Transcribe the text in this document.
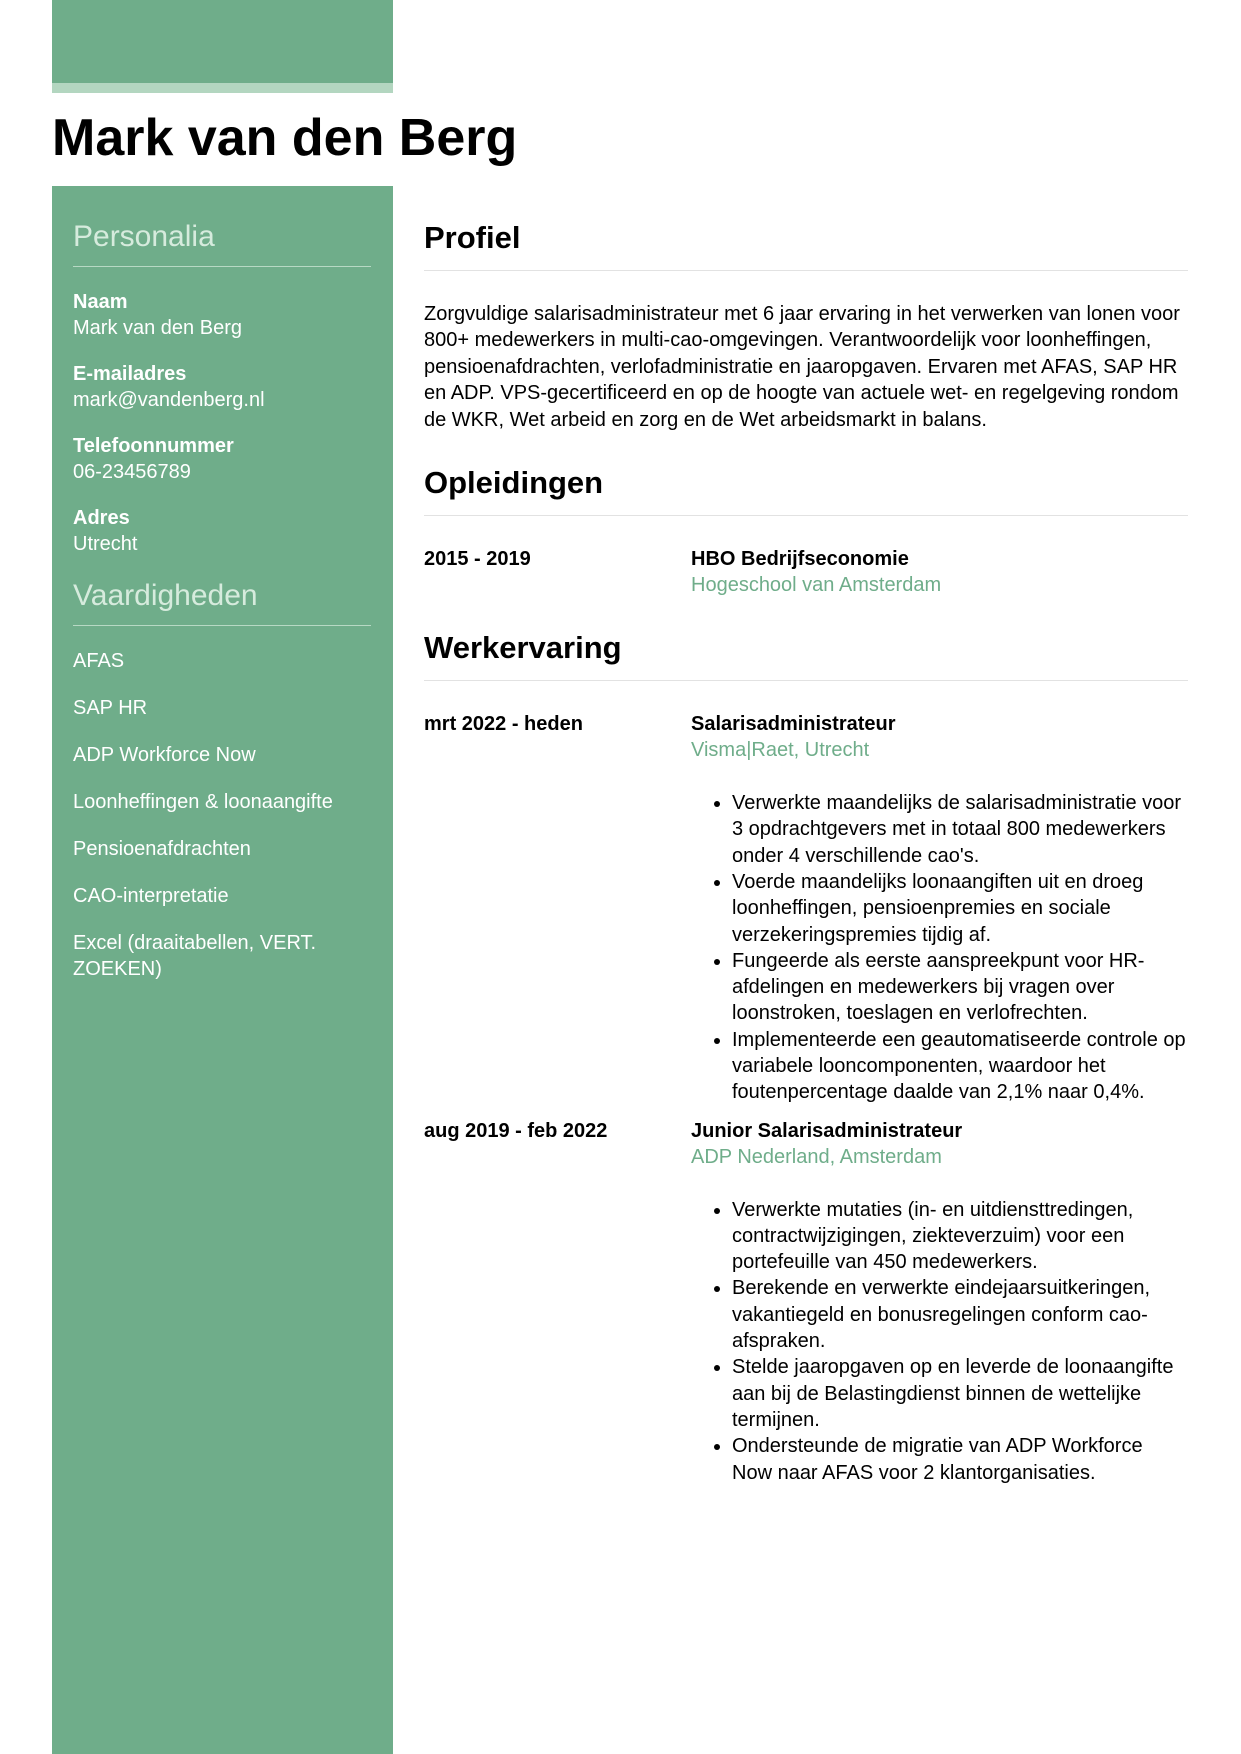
Mark van den Berg
Personalia
Naam
Mark van den Berg
E-mailadres
mark@vandenberg.nl
Telefoonnummer
06-23456789
Adres
Utrecht
Vaardigheden
AFAS
SAP HR
ADP Workforce Now
Loonheffingen & loonaangifte
Pensioenafdrachten
CAO-interpretatie
Excel (draaitabellen, VERT. ZOEKEN)
Profiel

Zorgvuldige salarisadministrateur met 6 jaar ervaring in het verwerken van lonen voor 800+ medewerkers in multi-cao-omgevingen. Verantwoordelijk voor loonheffingen, pensioenafdrachten, verlofadministratie en jaaropgaven. Ervaren met AFAS, SAP HR en ADP. VPS-gecertificeerd en op de hoogte van actuele wet- en regelgeving rondom de WKR, Wet arbeid en zorg en de Wet arbeidsmarkt in balans.

Opleidingen
2015 - 2019	HBO Bedrijfseconomie
Hogeschool van Amsterdam
Werkervaring
mrt 2022 - heden	Salarisadministrateur
Visma|Raet, Utrecht
• Verwerkte maandelijks de salarisadministratie voor 3 opdrachtgevers met in totaal 800 medewerkers onder 4 verschillende cao's.
• Voerde maandelijks loonaangiften uit en droeg loonheffingen, pensioenpremies en sociale verzekeringspremies tijdig af.
• Fungeerde als eerste aanspreekpunt voor HR-afdelingen en medewerkers bij vragen over loonstroken, toeslagen en verlofrechten.
• Implementeerde een geautomatiseerde controle op variabele looncomponenten, waardoor het foutenpercentage daalde van 2,1% naar 0,4%.
aug 2019 - feb 2022	Junior Salarisadministrateur
ADP Nederland, Amsterdam
• Verwerkte mutaties (in- en uitdiensttredingen, contractwijzigingen, ziekteverzuim) voor een portefeuille van 450 medewerkers.
• Berekende en verwerkte eindejaarsuitkeringen, vakantiegeld en bonusregelingen conform cao-afspraken.
• Stelde jaaropgaven op en leverde de loonaangifte aan bij de Belastingdienst binnen de wettelijke termijnen.
• Ondersteunde de migratie van ADP Workforce Now naar AFAS voor 2 klantorganisaties.
